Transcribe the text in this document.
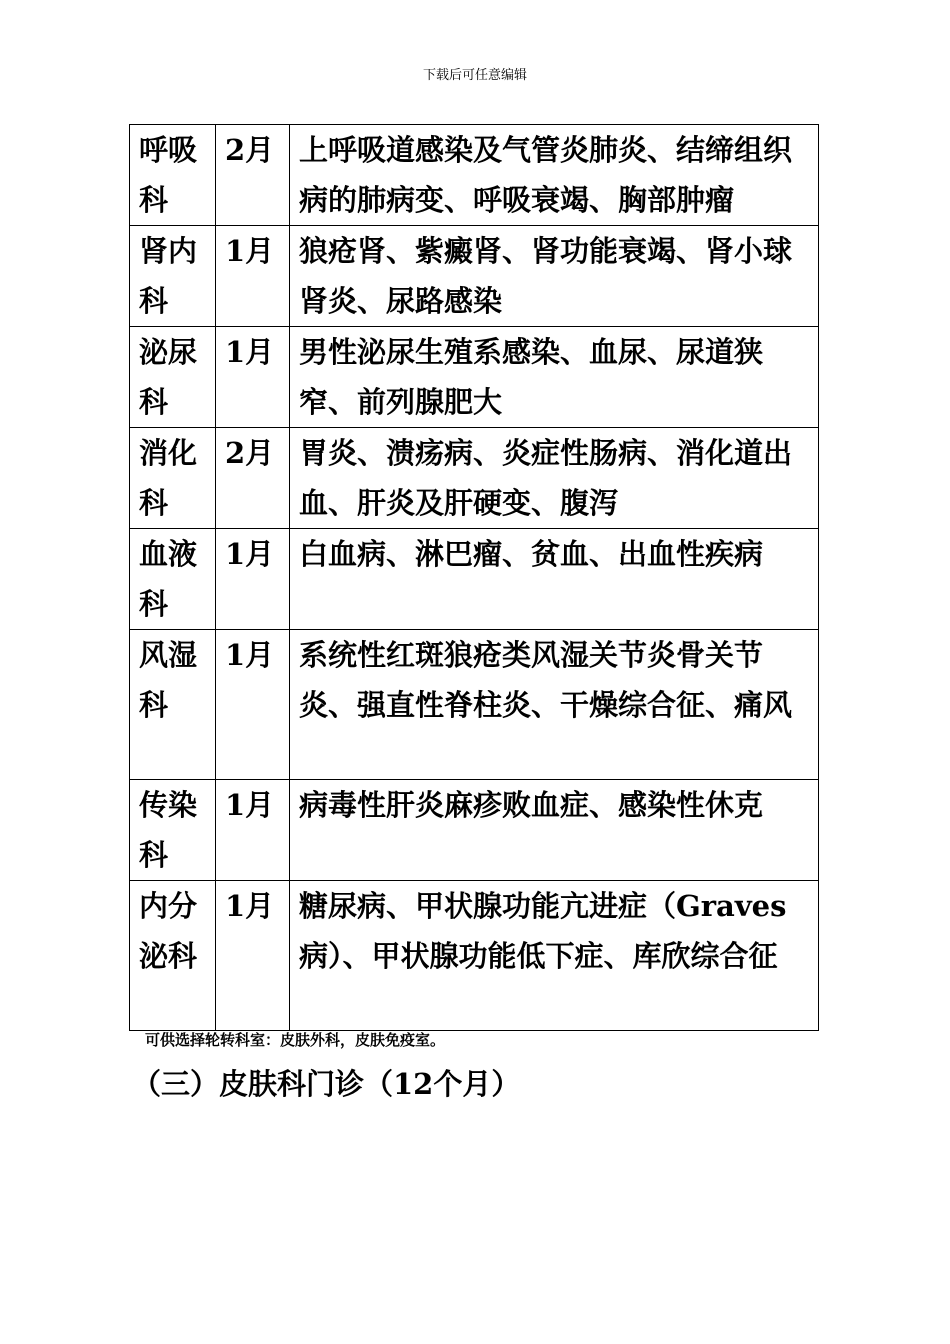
下载后可任意编辑
呼吸科	2月	上呼吸道感染及气管炎肺炎、结缔组织病的肺病变、呼吸衰竭、胸部肿瘤
肾内科	1月	狼疮肾、紫癜肾、肾功能衰竭、肾小球肾炎、尿路感染
泌尿科	1月	男性泌尿生殖系感染、血尿、尿道狭窄、前列腺肥大
消化科	2月	胃炎、溃疡病、炎症性肠病、消化道出血、肝炎及肝硬变、腹泻
血液科	1月	白血病、淋巴瘤、贫血、出血性疾病
风湿科	1月	系统性红斑狼疮类风湿关节炎骨关节炎、强直性脊柱炎、干燥综合征、痛风
传染科	1月	病毒性肝炎麻疹败血症、感染性休克
内分泌科	1月	糖尿病、甲状腺功能亢进症（Graves病）、甲状腺功能低下症、库欣综合征
可供选择轮转科室：皮肤外科，皮肤免疫室。
（三）皮肤科门诊（12个月）
